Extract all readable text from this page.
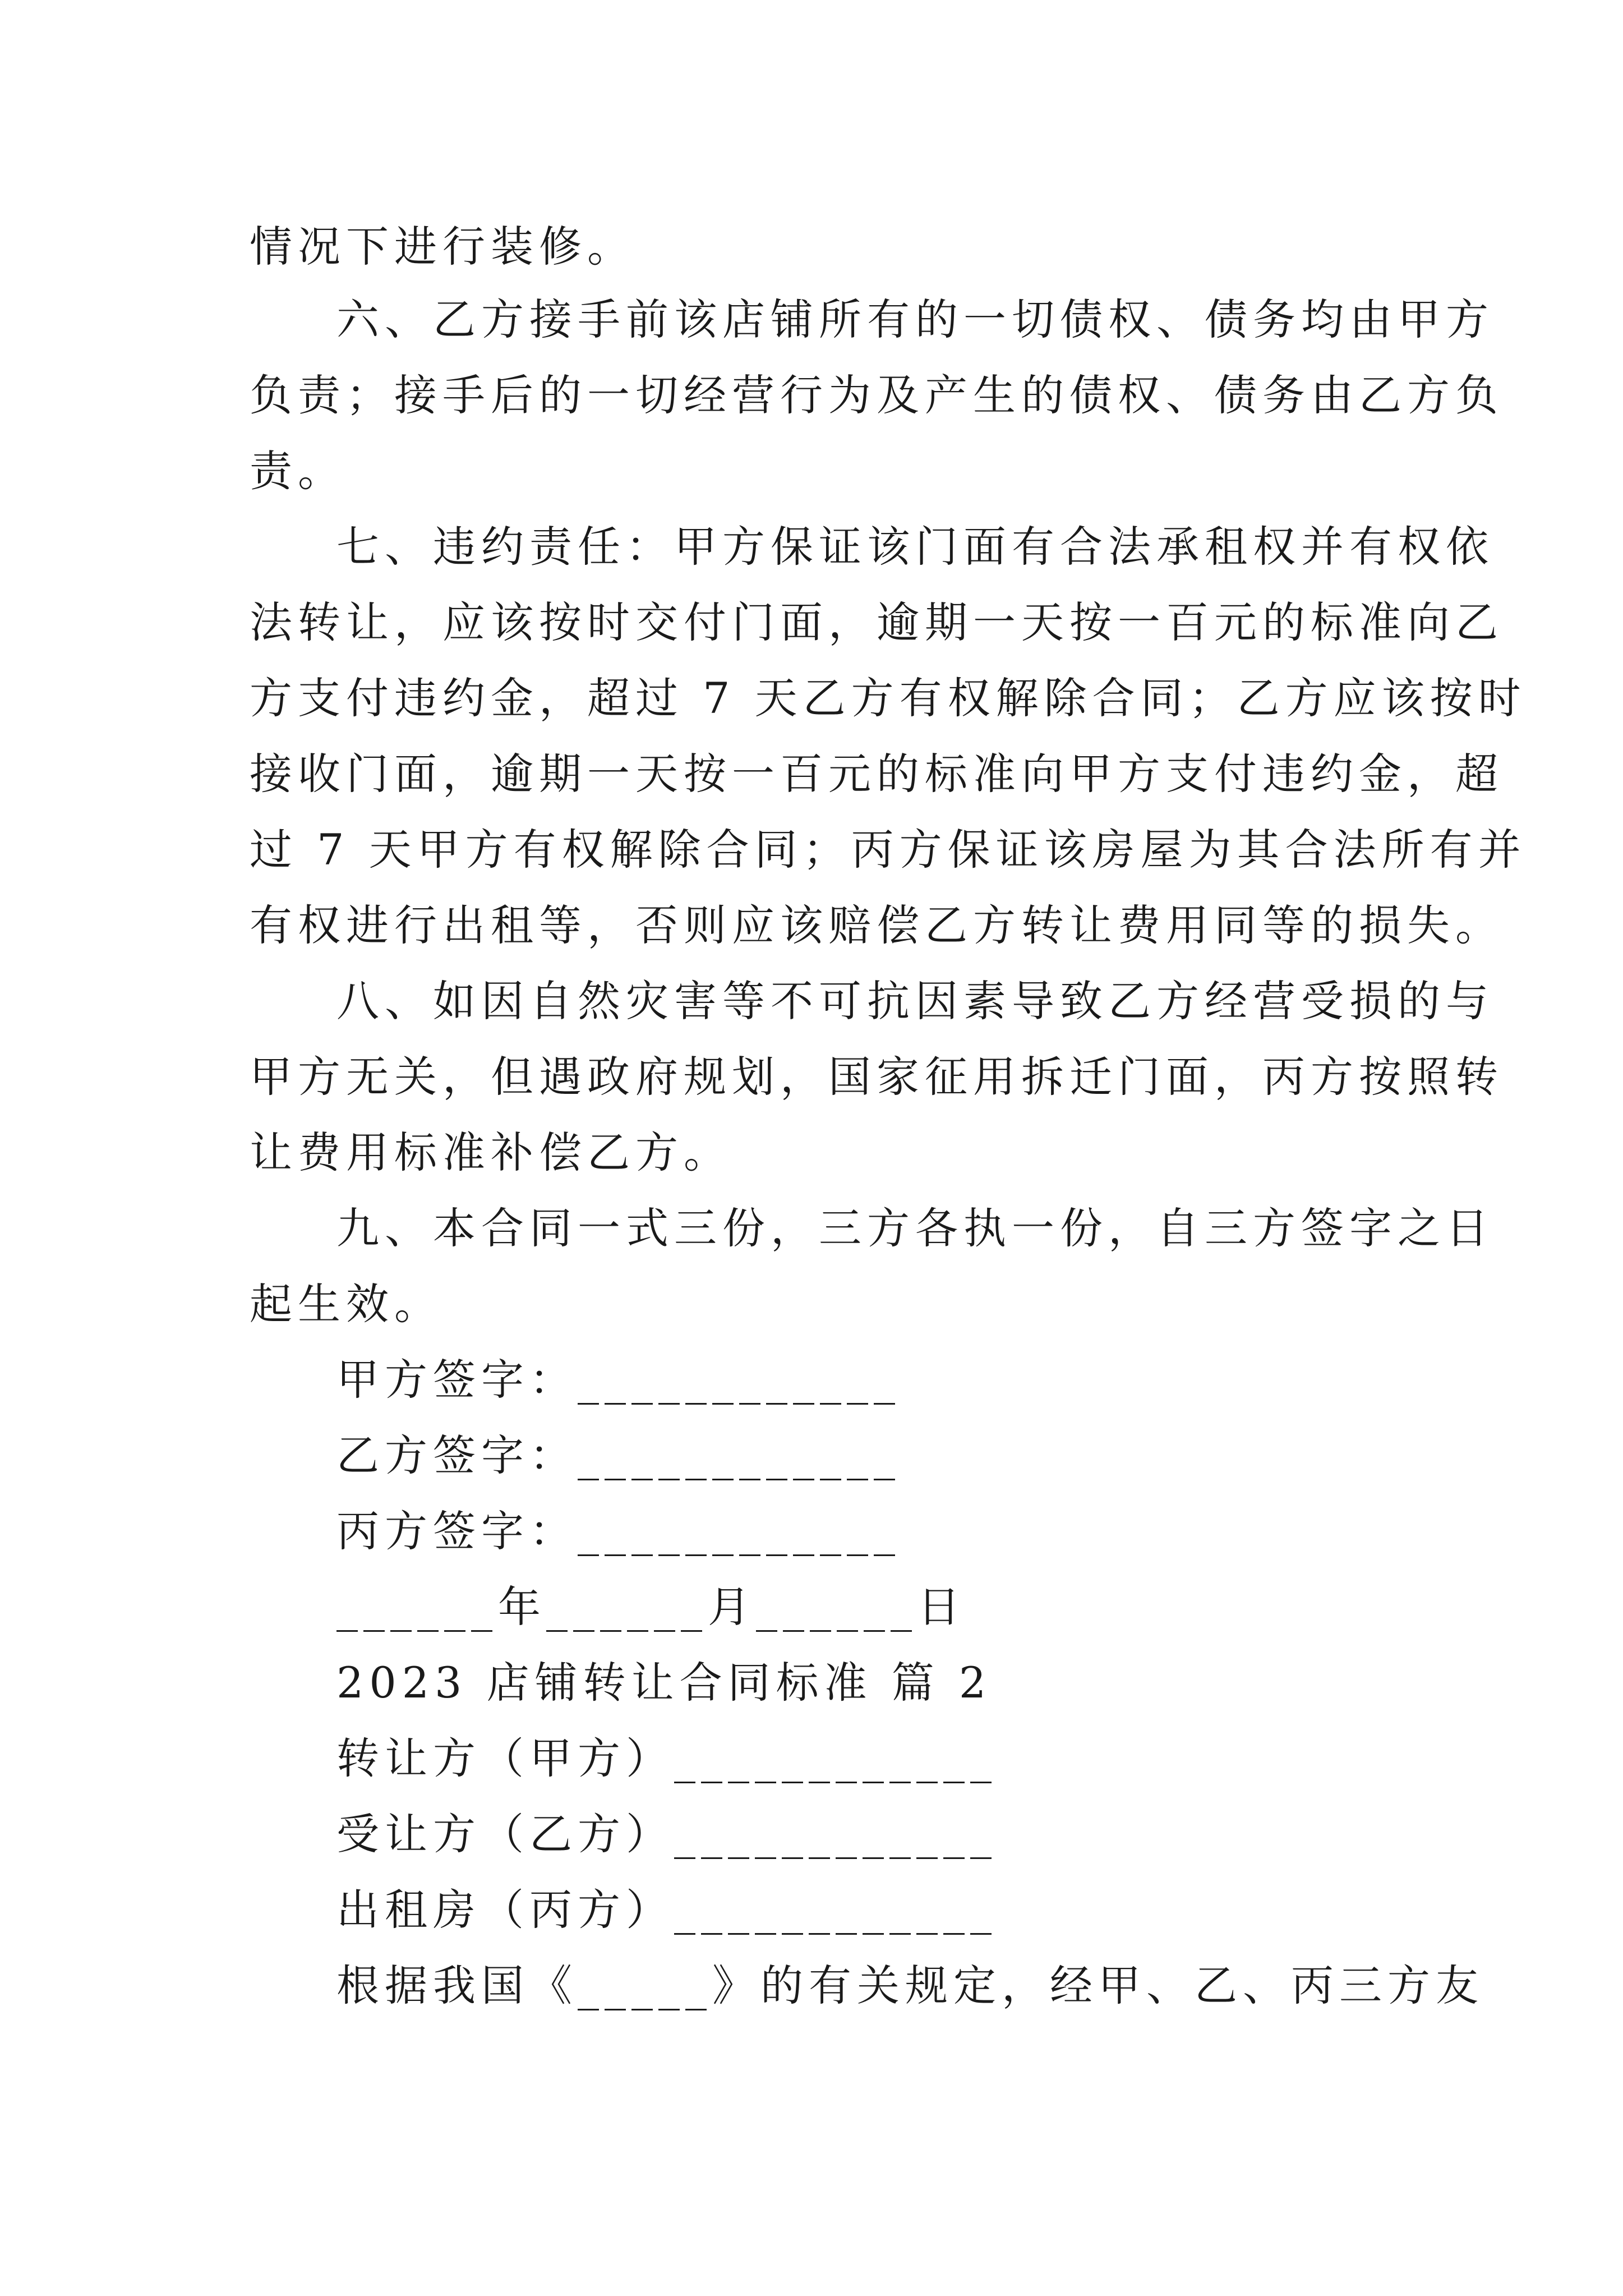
情况下进行装修。
六、乙方接手前该店铺所有的一切债权、债务均由甲方
负责；接手后的一切经营行为及产生的债权、债务由乙方负
责。
七、违约责任：甲方保证该门面有合法承租权并有权依
法转让，应该按时交付门面，逾期一天按一百元的标准向乙
方支付违约金，超过 7 天乙方有权解除合同；乙方应该按时
接收门面，逾期一天按一百元的标准向甲方支付违约金，超
过 7 天甲方有权解除合同；丙方保证该房屋为其合法所有并
有权进行出租等，否则应该赔偿乙方转让费用同等的损失。
八、如因自然灾害等不可抗因素导致乙方经营受损的与
甲方无关，但遇政府规划，国家征用拆迁门面，丙方按照转
让费用标准补偿乙方。
九、本合同一式三份，三方各执一份，自三方签字之日
起生效。
甲方签字：____________
乙方签字：____________
丙方签字：____________
______年______月______日
2023 店铺转让合同标准 篇 2
转让方（甲方）____________
受让方（乙方）____________
出租房（丙方）____________
根据我国《_____》的有关规定，经甲、乙、丙三方友
